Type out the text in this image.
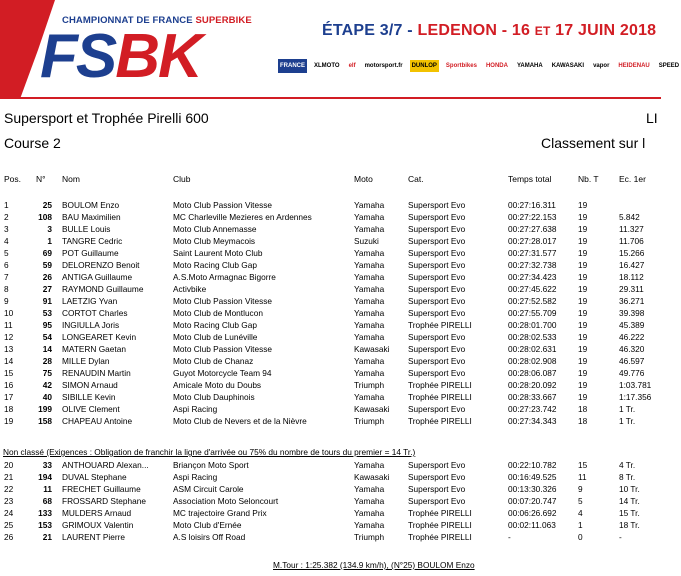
CHAMPIONNAT DE FRANCE SUPERBIKE
FSBK	ÉTAPE 3/7 - LEDENON - 16 ET 17 JUIN 2018
FRANCE	XLMOTO	elf	motorsport.fr	DUNLOP	Sportbikes	HONDA	YAMAHA	KAWASAKI	vapor	HEIDENAU	SPEED
Supersport et Trophée Pirelli 600	LI
Course 2	Classement sur l
Pos. N° Nom	Club	Moto	Cat.	Temps total	Nb. T Ec. 1er
1	25 BOULOM Enzo	Moto Club Passion Vitesse	Yamaha	Supersport Evo	00:27:16.311	19
2	108 BAU Maximilien	MC Charleville Mezieres en Ardennes	Yamaha	Supersport Evo	00:27:22.153	19	5.842
3	3 BULLE Louis	Moto Club Annemasse	Yamaha	Supersport Evo	00:27:27.638	19	11.327
4	1 TANGRE Cedric	Moto Club Meymacois	Suzuki	Supersport Evo	00:27:28.017	19	11.706
5	69 POT Guillaume	Saint Laurent Moto Club	Yamaha	Supersport Evo	00:27:31.577	19	15.266
6	59 DELORENZO Benoit	Moto Racing Club Gap	Yamaha	Supersport Evo	00:27:32.738	19	16.427
7	26 ANTIGA Guillaume	A.S.Moto Armagnac Bigorre	Yamaha	Supersport Evo	00:27:34.423	19	18.112
8	27 RAYMOND Guillaume	Activbike	Yamaha	Supersport Evo	00:27:45.622	19	29.311
9	91 LAETZIG Yvan	Moto Club Passion Vitesse	Yamaha	Supersport Evo	00:27:52.582	19	36.271
10	53 CORTOT Charles	Moto Club de Montlucon	Yamaha	Supersport Evo	00:27:55.709	19	39.398
11	95 INGIULLA Joris	Moto Racing Club Gap	Yamaha	Trophée PIRELLI	00:28:01.700	19	45.389
12	54 LONGEARET Kevin	Moto Club de Lunéville	Yamaha	Supersport Evo	00:28:02.533	19	46.222
13	14 MATERN Gaetan	Moto Club Passion Vitesse	Kawasaki	Supersport Evo	00:28:02.631	19	46.320
14	28 MILLE Dylan	Moto Club de Chanaz	Yamaha	Supersport Evo	00:28:02.908	19	46.597
15	75 RENAUDIN Martin	Guyot Motorcycle Team 94	Yamaha	Supersport Evo	00:28:06.087	19	49.776
16	42 SIMON Arnaud	Amicale Moto du Doubs	Triumph	Trophée PIRELLI	00:28:20.092	19	1:03.781
17	40 SIBILLE Kevin	Moto Club Dauphinois	Yamaha	Trophée PIRELLI	00:28:33.667	19	1:17.356
18	199 OLIVE Clement	Aspi Racing	Kawasaki	Supersport Evo	00:27:23.742	18	1 Tr.
19	158 CHAPEAU Antoine	Moto Club de Nevers et de la Nièvre	Triumph	Trophée PIRELLI	00:27:34.343	18	1 Tr.
Non classé (Exigences : Obligation de franchir la ligne d'arrivée ou 75% du nombre de tours du premier = 14 Tr.)
20	33 ANTHOUARD Alexan...	Briançon Moto Sport	Yamaha	Supersport Evo	00:22:10.782	15	4 Tr.
21	194 DUVAL Stephane	Aspi Racing	Kawasaki	Supersport Evo	00:16:49.525	11	8 Tr.
22	11 FRECHET Guillaume	ASM Circuit Carole	Yamaha	Supersport Evo	00:13:30.326	9	10 Tr.
23	68 FROSSARD Stephane	Association Moto Seloncourt	Yamaha	Supersport Evo	00:07:20.747	5	14 Tr.
24	133 MULDERS Arnaud	MC trajectoire Grand Prix	Yamaha	Trophée PIRELLI	00:06:26.692	4	15 Tr.
25	153 GRIMOUX Valentin	Moto Club d'Ernée	Yamaha	Trophée PIRELLI	00:02:11.063	1	18 Tr.
26	21 LAURENT Pierre	A.S loisirs Off Road	Triumph	Trophée PIRELLI	-	0	-
M.Tour : 1:25.382 (134.9 km/h), (N°25) BOULOM Enzo
